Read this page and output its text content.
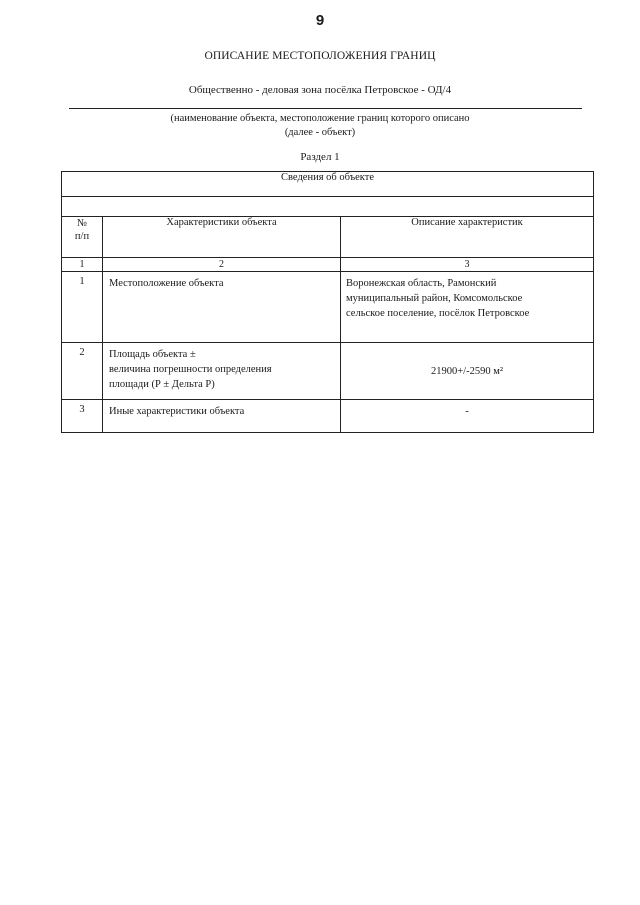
9
ОПИСАНИЕ МЕСТОПОЛОЖЕНИЯ ГРАНИЦ
Общественно - деловая зона посёлка Петровское - ОД/4
(наименование объекта, местоположение границ которого описано
(далее - объект)
Раздел 1
Сведения об объекте		

№
п/п	Характеристики объекта	Описание характеристик
1	2	3
1	Местоположение объекта	Воронежская область, Рамонский
муниципальный район, Комсомольское
сельское поселение, посёлок Петровское

2	Площадь объекта ±
величина погрешности определения
площади (Р ± Дельта Р)	21900+/-2590 м²
3	Иные характеристики объекта	-
